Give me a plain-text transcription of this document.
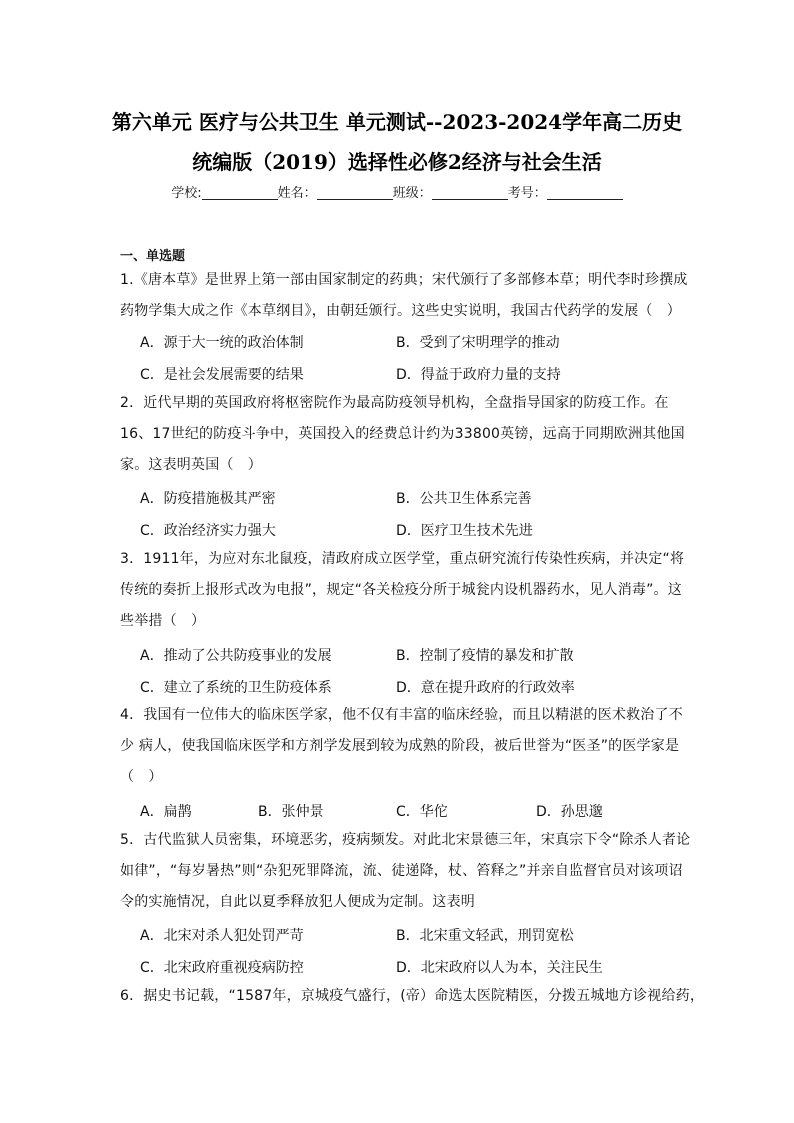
第六单元 医疗与公共卫生 单元测试--2023-2024学年高二历史
统编版（2019）选择性必修2经济与社会生活
学校:	姓名：	班级：	考号：
一、单选题
1.《唐本草》是世界上第一部由国家制定的药典；宋代颁行了多部修本草；明代李时珍撰成
药物学集大成之作《本草纲目》，由朝廷颁行。这些史实说明，我国古代药学的发展（　）
A．源于大一统的政治体制	B．受到了宋明理学的推动
C．是社会发展需要的结果	D．得益于政府力量的支持
2．近代早期的英国政府将枢密院作为最高防疫领导机构，全盘指导国家的防疫工作。在
16、17世纪的防疫斗争中，英国投入的经费总计约为33800英镑，远高于同期欧洲其他国
家。这表明英国（　）
A．防疫措施极其严密	B．公共卫生体系完善
C．政治经济实力强大	D．医疗卫生技术先进
3．1911年，为应对东北鼠疫，清政府成立医学堂，重点研究流行传染性疾病，并决定“将
传统的奏折上报形式改为电报”，规定“各关检疫分所于城瓮内设机器药水，见人消毒”。这
些举措（　）
A．推动了公共防疫事业的发展	B．控制了疫情的暴发和扩散
C．建立了系统的卫生防疫体系	D．意在提升政府的行政效率
4．我国有一位伟大的临床医学家，他不仅有丰富的临床经验，而且以精湛的医术救治了不
少 病人，使我国临床医学和方剂学发展到较为成熟的阶段，被后世誉为“医圣”的医学家是
（　）
A．扁鹊	B．张仲景	C．华佗	D．孙思邈
5．古代监狱人员密集，环境恶劣，疫病频发。对此北宋景德三年，宋真宗下令“除杀人者论
如律”，“每岁暑热”则“杂犯死罪降流，流、徒递降，杖、笞释之”并亲自监督官员对该项诏
令的实施情况，自此以夏季释放犯人便成为定制。这表明
A．北宋对杀人犯处罚严苛	B．北宋重文轻武，刑罚宽松
C．北宋政府重视疫病防控	D．北宋政府以人为本，关注民生
6．据史书记载，“1587年，京城疫气盛行，(帝）命选太医院精医，分拨五城地方诊视给药，
